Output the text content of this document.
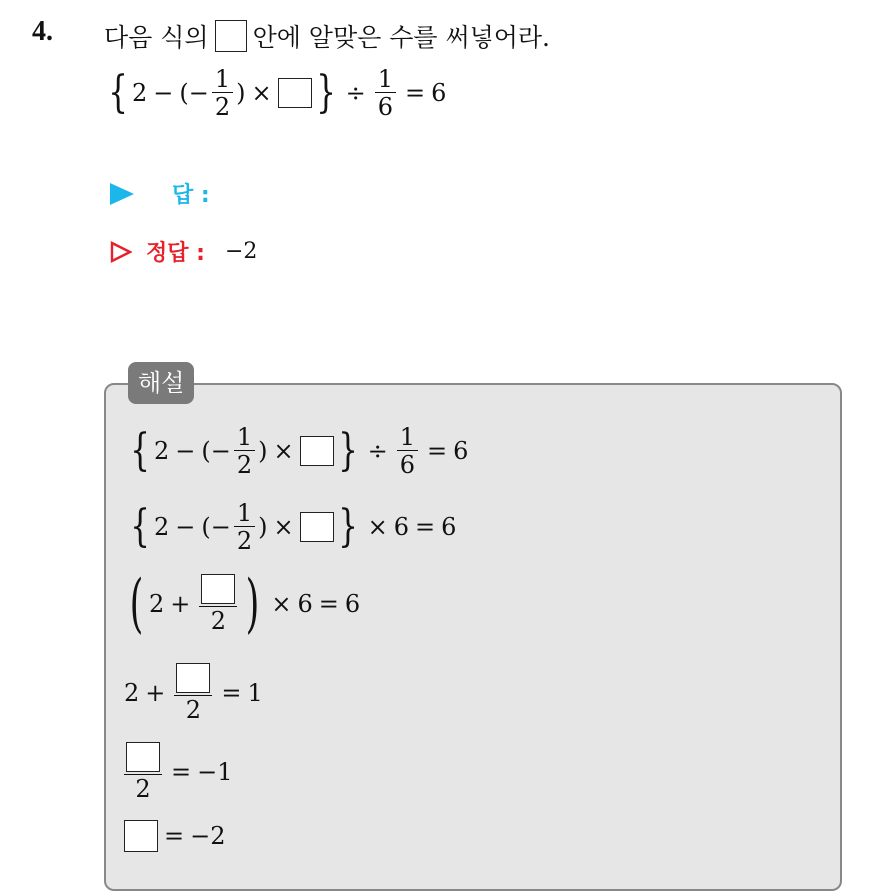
4. 다음 식의 안에 알맞은 수를 써넣어라.
{ 2 − ( − $\frac{1}{2}$ ) × } ÷ $\frac{1}{6} = 6$
답 :
정답 : −2
해설
{ 2 − ( − $\frac{1}{2}$ ) × } ÷ $\frac{1}{6} = 6$
{ 2 − ( − $\frac{1}{2}$ ) × } × 6 = 6
( 2 +
2 ) × 6 = 6
2 +
2
= 1
2
= −1
= −2
